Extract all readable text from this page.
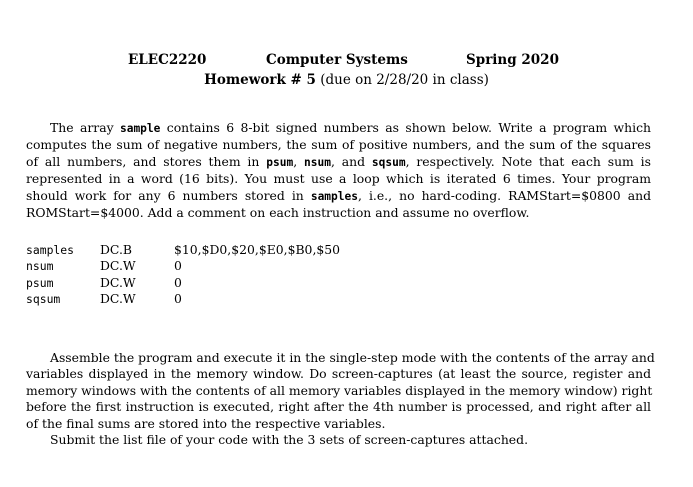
ELEC2220	Computer Systems	Spring 2020
Homework # 5 (due on 2/28/20 in class)
The array sample contains 6 8-bit signed numbers as shown below. Write a program which
computes the sum of negative numbers, the sum of positive numbers, and the sum of the squares
of all numbers, and stores them in psum, nsum, and sqsum, respectively. Note that each sum is
represented in a word (16 bits). You must use a loop which is iterated 6 times. Your program
should work for any 6 numbers stored in samples, i.e., no hard-coding. RAMStart=$0800 and
ROMStart=$4000. Add a comment on each instruction and assume no overflow.
samples DC.B	$10,$D0,$20,$E0,$B0,$50
nsum	DC.W	0
psum	DC.W	0
sqsum	DC.W	0
Assemble the program and execute it in the single-step mode with the contents of the array and
variables displayed in the memory window. Do screen-captures (at least the source, register and
memory windows with the contents of all memory variables displayed in the memory window) right
before the first instruction is executed, right after the 4th number is processed, and right after all
of the final sums are stored into the respective variables.
Submit the list file of your code with the 3 sets of screen-captures attached.
